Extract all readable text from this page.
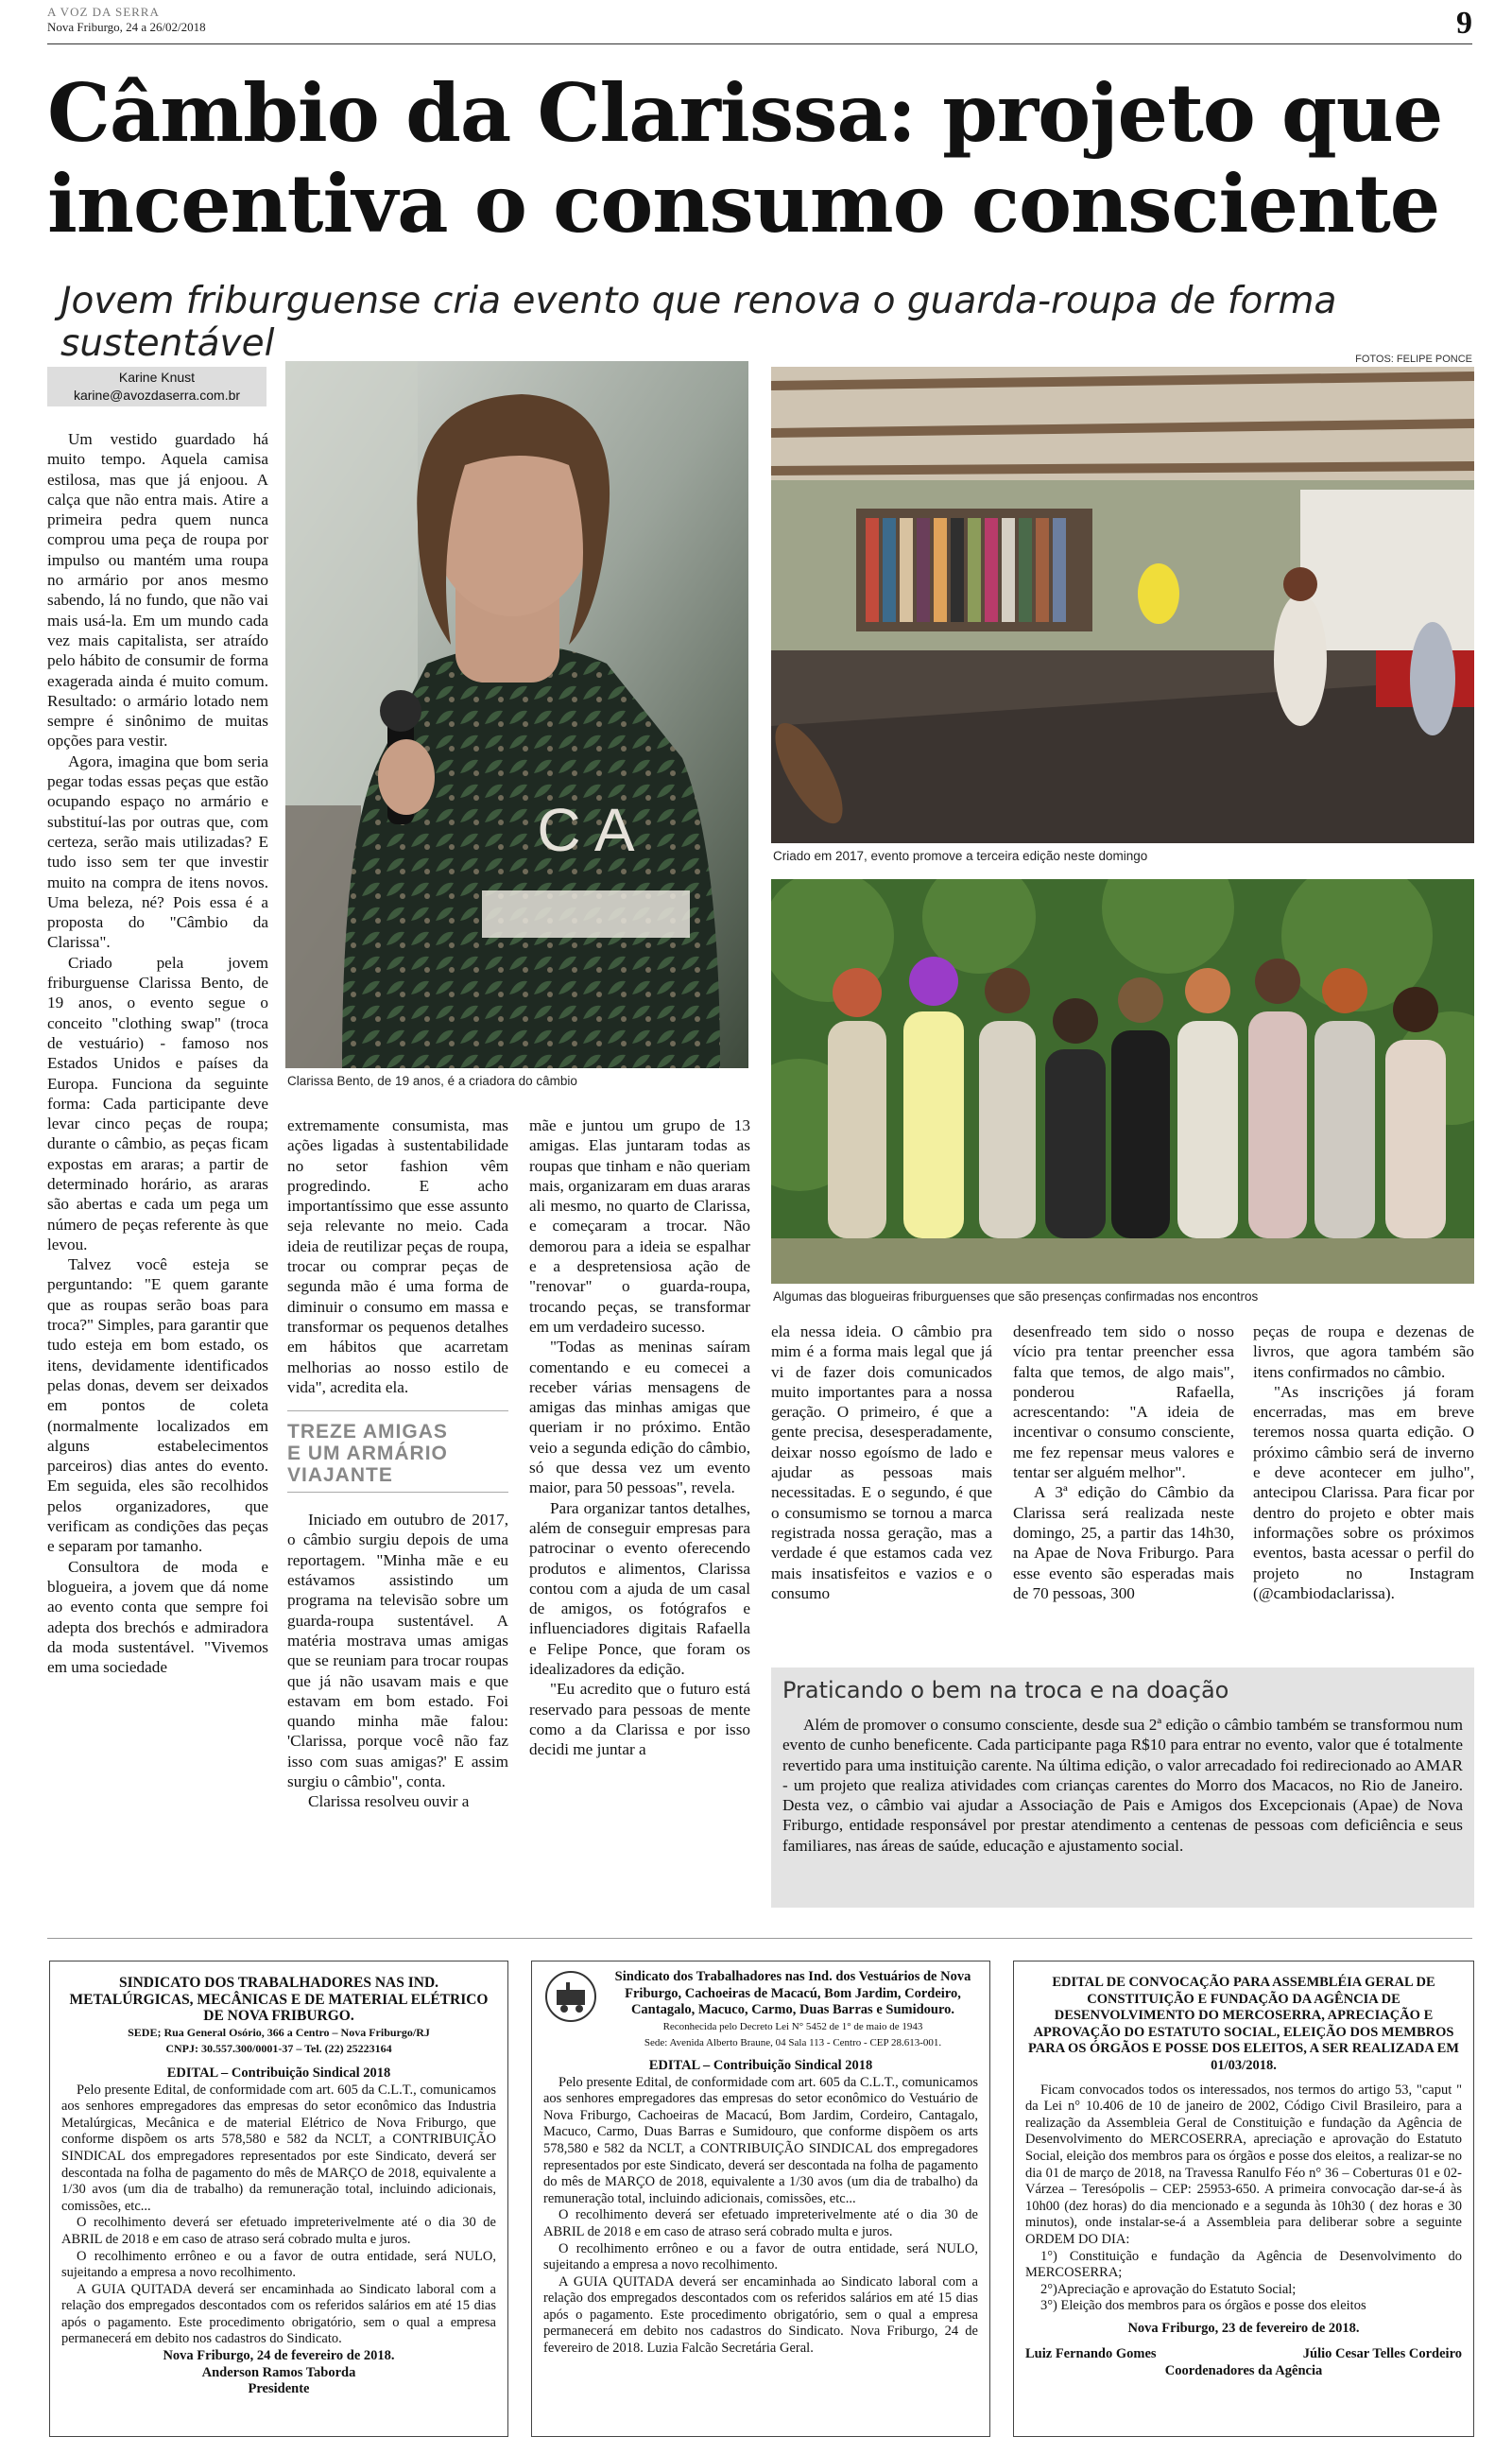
A VOZ DA SERRA
Nova Friburgo, 24 a 26/02/2018	9
Câmbio da Clarissa: projeto que
incentiva o consumo consciente
Jovem friburguense cria evento que renova o guarda-roupa de forma sustentável	FOTOS: FELIPE PONCE
Karine Knust
karine@avozdaserra.com.br

Um vestido guardado há muito tempo. Aquela camisa estilosa, mas que já enjoou. A calça que não entra mais. Atire a primeira pedra quem nunca comprou uma peça de roupa por impulso ou mantém uma roupa no armário por anos mesmo sabendo, lá no fundo, que não vai mais usá-la. Em um mundo cada vez mais capitalista, ser atraído pelo hábito de consumir de forma exagerada ainda é muito comum. Resultado: o armário lotado nem sempre é sinônimo de muitas opções para vestir.

Agora, imagina que bom seria pegar todas essas peças que estão ocupando espaço no armário e substituí-las por outras que, com certeza, serão mais utilizadas? E tudo isso sem ter que investir muito na compra de itens novos. Uma beleza, né? Pois essa é a proposta do "Câmbio da Clarissa".

Criado pela jovem friburguense Clarissa Bento, de 19 anos, o evento segue o conceito "clothing swap" (troca de vestuário) - famoso nos Estados Unidos e países da Europa. Funciona da seguinte forma: Cada participante deve levar cinco peças de roupa; durante o câmbio, as peças ficam expostas em araras; a partir de determinado horário, as araras são abertas e cada um pega um número de peças referente às que levou.

Talvez você esteja se perguntando: "E quem garante que as roupas serão boas para troca?" Simples, para garantir que tudo esteja em bom estado, os itens, devidamente identificados pelas donas, devem ser deixados em pontos de coleta (normalmente localizados em alguns estabelecimentos parceiros) dias antes do evento. Em seguida, eles são recolhidos pelos organizadores, que verificam as condições das peças e separam por tamanho.

Consultora de moda e blogueira, a jovem que dá nome ao evento conta que sempre foi adepta dos brechós e admiradora da moda sustentável. "Vivemos em uma sociedade

C A
Clarissa Bento, de 19 anos, é a criadora do câmbio
Criado em 2017, evento promove a terceira edição neste domingo
Algumas das blogueiras friburguenses que são presenças confirmadas nos encontros

extremamente consumista, mas ações ligadas à sustentabilidade no setor fashion vêm progredindo. E acho importantíssimo que esse assunto seja relevante no meio. Cada ideia de reutilizar peças de roupa, trocar ou comprar peças de segunda mão é uma forma de diminuir o consumo em massa e transformar os pequenos detalhes em hábitos que acarretam melhorias ao nosso estilo de vida", acredita ela.

TREZE AMIGAS
E UM ARMÁRIO
VIAJANTE

Iniciado em outubro de 2017, o câmbio surgiu depois de uma reportagem. "Minha mãe e eu estávamos assistindo um programa na televisão sobre um guarda-roupa sustentável. A matéria mostrava umas amigas que se reuniam para trocar roupas que já não usavam mais e que estavam em bom estado. Foi quando minha mãe falou: 'Clarissa, porque você não faz isso com suas amigas?' E assim surgiu o câmbio", conta.

Clarissa resolveu ouvir a

mãe e juntou um grupo de 13 amigas. Elas juntaram todas as roupas que tinham e não queriam mais, organizaram em duas araras ali mesmo, no quarto de Clarissa, e começaram a trocar. Não demorou para a ideia se espalhar e a despretensiosa ação de "renovar" o guarda-roupa, trocando peças, se transformar em um verdadeiro sucesso.

"Todas as meninas saíram comentando e eu comecei a receber várias mensagens de amigas das minhas amigas que queriam ir no próximo. Então veio a segunda edição do câmbio, só que dessa vez um evento maior, para 50 pessoas", revela.

Para organizar tantos detalhes, além de conseguir empresas para patrocinar o evento oferecendo produtos e alimentos, Clarissa contou com a ajuda de um casal de amigos, os fotógrafos e influenciadores digitais Rafaella e Felipe Ponce, que foram os idealizadores da edição.

"Eu acredito que o futuro está reservado para pessoas de mente como a da Clarissa e por isso decidi me juntar a

ela nessa ideia. O câmbio pra mim é a forma mais legal que já vi de fazer dois comunicados muito importantes para a nossa geração. O primeiro, é que a gente precisa, desesperadamente, deixar nosso egoísmo de lado e ajudar as pessoas mais necessitadas. E o segundo, é que o consumismo se tornou a marca registrada nossa geração, mas a verdade é que estamos cada vez mais insatisfeitos e vazios e o consumo

desenfreado tem sido o nosso vício pra tentar preencher essa falta que temos, de algo mais", ponderou Rafaella, acrescentando: "A ideia de incentivar o consumo consciente, me fez repensar meus valores e tentar ser alguém melhor".

A 3ª edição do Câmbio da Clarissa será realizada neste domingo, 25, a partir das 14h30, na Apae de Nova Friburgo. Para esse evento são esperadas mais de 70 pessoas, 300

peças de roupa e dezenas de livros, que agora também são itens confirmados no câmbio.

"As inscrições já foram encerradas, mas em breve teremos nossa quarta edição. O próximo câmbio será de inverno e deve acontecer em julho", antecipou Clarissa. Para ficar por dentro do projeto e obter mais informações sobre os próximos eventos, basta acessar o perfil do projeto no Instagram (@cambiodaclarissa).

Praticando o bem na troca e na doação

Além de promover o consumo consciente, desde sua 2ª edição o câmbio também se transformou num evento de cunho beneficente. Cada participante paga R$10 para entrar no evento, valor que é totalmente revertido para uma instituição carente. Na última edição, o valor arrecadado foi redirecionado ao AMAR - um projeto que realiza atividades com crianças carentes do Morro dos Macacos, no Rio de Janeiro. Desta vez, o câmbio vai ajudar a Associação de Pais e Amigos dos Excepcionais (Apae) de Nova Friburgo, entidade responsável por prestar atendimento a centenas de pessoas com deficiência e seus familiares, nas áreas de saúde, educação e ajustamento social.

SINDICATO DOS TRABALHADORES NAS IND. METALÚRGICAS, MECÂNICAS E DE MATERIAL ELÉTRICO DE NOVA FRIBURGO.
SEDE; Rua General Osório, 366 a Centro – Nova Friburgo/RJ
CNPJ: 30.557.300/0001-37 – Tel. (22) 25223164
EDITAL – Contribuição Sindical 2018

Pelo presente Edital, de conformidade com art. 605 da C.L.T., comunicamos aos senhores empregadores das empresas do setor econômico das Industria Metalúrgicas, Mecânica e de material Elétrico de Nova Friburgo, que conforme dispõem os arts 578,580 e 582 da NCLT, a CONTRIBUIÇÃO SINDICAL dos empregadores representados por este Sindicato, deverá ser descontada na folha de pagamento do mês de MARÇO de 2018, equivalente a 1/30 avos (um dia de trabalho) da remuneração total, incluindo adicionais, comissões, etc...

O recolhimento deverá ser efetuado impreterivelmente até o dia 30 de ABRIL de 2018 e em caso de atraso será cobrado multa e juros.

O recolhimento errôneo e ou a favor de outra entidade, será NULO, sujeitando a empresa a novo recolhimento.

A GUIA QUITADA deverá ser encaminhada ao Sindicato laboral com a relação dos empregados descontados com os referidos salários em até 15 dias após o pagamento. Este procedimento obrigatório, sem o qual a empresa permanecerá em debito nos cadastros do Sindicato.

Nova Friburgo, 24 de fevereiro de 2018.

Anderson Ramos Taborda

Presidente

Sindicato dos Trabalhadores nas Ind. dos Vestuários de Nova Friburgo, Cachoeiras de Macacú, Bom Jardim, Cordeiro, Cantagalo, Macuco, Carmo, Duas Barras e Sumidouro.
Reconhecida pelo Decreto Lei N° 5452 de 1° de maio de 1943
Sede: Avenida Alberto Braune, 04 Sala 113 - Centro - CEP 28.613-001.
EDITAL – Contribuição Sindical 2018

Pelo presente Edital, de conformidade com art. 605 da C.L.T., comunicamos aos senhores empregadores das empresas do setor econômico do Vestuário de Nova Friburgo, Cachoeiras de Macacú, Bom Jardim, Cordeiro, Cantagalo, Macuco, Carmo, Duas Barras e Sumidouro, que conforme dispõem os arts 578,580 e 582 da NCLT, a CONTRIBUIÇÃO SINDICAL dos empregadores representados por este Sindicato, deverá ser descontada na folha de pagamento do mês de MARÇO de 2018, equivalente a 1/30 avos (um dia de trabalho) da remuneração total, incluindo adicionais, comissões, etc...

O recolhimento deverá ser efetuado impreterivelmente até o dia 30 de ABRIL de 2018 e em caso de atraso será cobrado multa e juros.

O recolhimento errôneo e ou a favor de outra entidade, será NULO, sujeitando a empresa a novo recolhimento.

A GUIA QUITADA deverá ser encaminhada ao Sindicato laboral com a relação dos empregados descontados com os referidos salários em até 15 dias após o pagamento. Este procedimento obrigatório, sem o qual a empresa permanecerá em debito nos cadastros do Sindicato. Nova Friburgo, 24 de fevereiro de 2018. Luzia Falcão Secretária Geral.

EDITAL DE CONVOCAÇÃO PARA ASSEMBLÉIA GERAL DE CONSTITUIÇÃO E FUNDAÇÃO DA AGÊNCIA DE DESENVOLVIMENTO DO MERCOSERRA, APRECIAÇÃO E APROVAÇÃO DO ESTATUTO SOCIAL, ELEIÇÃO DOS MEMBROS PARA OS ÓRGÃOS E POSSE DOS ELEITOS, A SER REALIZADA EM 01/03/2018.

Ficam convocados todos os interessados, nos termos do artigo 53, "caput " da Lei n° 10.406 de 10 de janeiro de 2002, Código Civil Brasileiro, para a realização da Assembleia Geral de Constituição e fundação da Agência de Desenvolvimento do MERCOSERRA, apreciação e aprovação do Estatuto Social, eleição dos membros para os órgãos e posse dos eleitos, a realizar-se no dia 01 de março de 2018, na Travessa Ranulfo Féo n° 36 – Coberturas 01 e 02- Várzea – Teresópolis – CEP: 25953-650. A primeira convocação dar-se-á às 10h00 (dez horas) do dia mencionado e a segunda às 10h30 ( dez horas e 30 minutos), onde instalar-se-á a Assembleia para deliberar sobre a seguinte ORDEM DO DIA:

1°) Constituição e fundação da Agência de Desenvolvimento do MERCOSERRA;

2°)Apreciação e aprovação do Estatuto Social;

3°) Eleição dos membros para os órgãos e posse dos eleitos

Nova Friburgo, 23 de fevereiro de 2018.

Luiz Fernando Gomes	Júlio Cesar Telles Cordeiro

Coordenadores da Agência
